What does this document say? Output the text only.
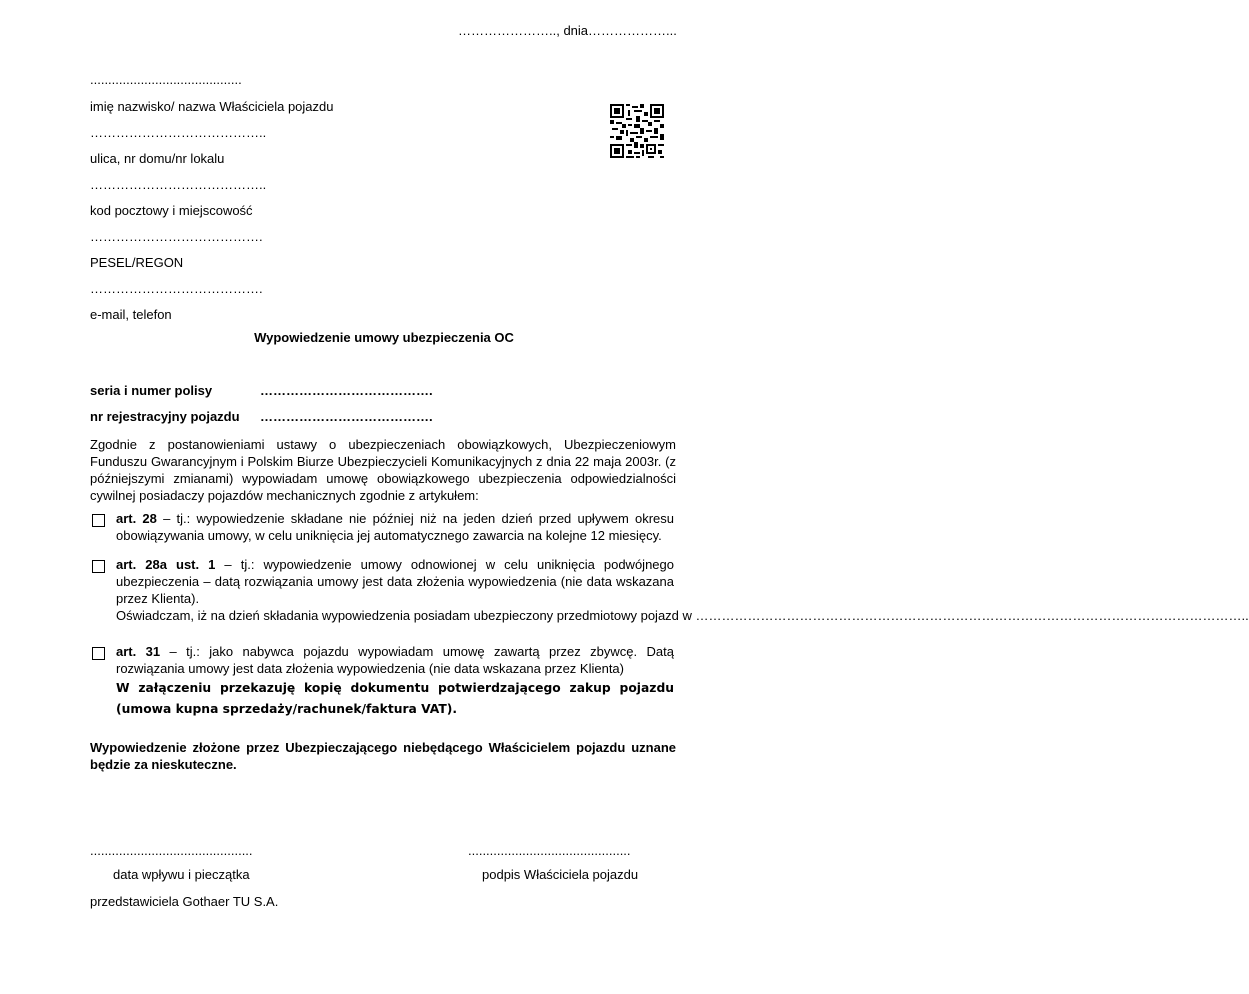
………………….., dnia………………...
..........................................
imię nazwisko/ nazwa Właściciela pojazdu
…………………………………..
ulica, nr domu/nr lokalu
…………………………………..
kod pocztowy i miejscowość
………………………………….
PESEL/REGON
………………………………….
e-mail, telefon
Wypowiedzenie umowy ubezpieczenia OC
seria i numer polisy	………………………………….
nr rejestracyjny pojazdu ………………………………….
Zgodnie z postanowieniami ustawy o ubezpieczeniach obowiązkowych, Ubezpieczeniowym Funduszu Gwarancyjnym i Polskim Biurze Ubezpieczycieli Komunikacyjnych z dnia 22 maja 2003r. (z późniejszymi zmianami) wypowiadam umowę obowiązkowego ubezpieczenia odpowiedzialności cywilnej posiadaczy pojazdów mechanicznych zgodnie z artykułem:
art. 28 – tj.: wypowiedzenie składane nie później niż na jeden dzień przed upływem okresu obowiązywania umowy, w celu uniknięcia jej automatycznego zawarcia na kolejne 12 miesięcy.
art. 28a ust. 1 – tj.: wypowiedzenie umowy odnowionej w celu uniknięcia podwójnego ubezpieczenia – datą rozwiązania umowy jest data złożenia wypowiedzenia (nie data wskazana przez Klienta).
Oświadczam, iż na dzień składania wypowiedzenia posiadam ubezpieczony przedmiotowy pojazd w ………………………………………………………………………………………………………………..
art. 31 – tj.: jako nabywca pojazdu wypowiadam umowę zawartą przez zbywcę. Datą rozwiązania umowy jest data złożenia wypowiedzenia (nie data wskazana przez Klienta)
W załączeniu przekazuję kopię dokumentu potwierdzającego zakup pojazdu (umowa kupna sprzedaży/rachunek/faktura VAT).
Wypowiedzenie złożone przez Ubezpieczającego niebędącego Właścicielem pojazdu uznane będzie za nieskuteczne.
.............................................	.............................................
data wpływu i pieczątka	podpis Właściciela pojazdu
przedstawiciela Gothaer TU S.A.
